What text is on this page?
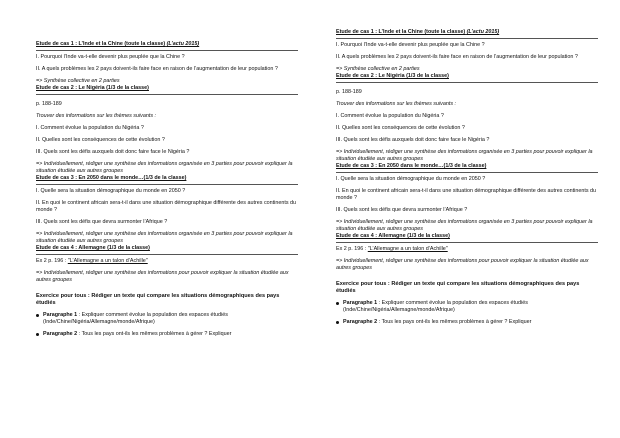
Etude de cas 1 : L’Inde et la Chine (toute la classe) (L’actu 2015)
I. Pourquoi l’Inde va-t-elle devenir plus peuplée que la Chine ?
II. A quels problèmes les 2 pays doivent-ils faire face en raison de l’augmentation de leur population ?
=> Synthèse collective en 2 parties
Etude de cas 2 : Le Nigéria (1/3 de la classe)
p. 188-189
Trouver des informations sur les thèmes suivants :
I. Comment évolue la population du Nigéria ?
II. Quelles sont les conséquences de cette évolution ?
III. Quels sont les défis auxquels doit donc faire face le Nigéria ?
=> Individuellement, rédiger une synthèse des informations organisée en 3 parties pour pouvoir expliquer la situation étudiée aux autres groupes
Etude de cas 3 : En 2050 dans le monde…(1/3 de la classe)
I. Quelle sera la situation démographique du monde en 2050 ?
II. En quoi le continent africain sera-t-il dans une situation démographique différente des autres continents du monde ?
III. Quels sont les défis que devra surmonter l’Afrique ?
=> Individuellement, rédiger une synthèse des informations organisée en 3 parties pour pouvoir expliquer la situation étudiée aux autres groupes
Etude de cas 4 : Allemagne (1/3 de la classe)
Ex 2 p. 196 : "L’Allemagne a un talon d’Achille"
=> Individuellement, rédiger une synthèse des informations pour pouvoir expliquer la situation étudiée aux autres groupes
Exercice pour tous : Rédiger un texte qui compare les situations démographiques des pays étudiés
Paragraphe 1 : Expliquer comment évolue la population des espaces étudiés (Inde/Chine/Nigéria/Allemagne/monde/Afrique)
Paragraphe 2 : Tous les pays ont-ils les mêmes problèmes à gérer ? Expliquer
Etude de cas 1 : L’Inde et la Chine (toute la classe) (L’actu 2015)
I. Pourquoi l’Inde va-t-elle devenir plus peuplée que la Chine ?
II. A quels problèmes les 2 pays doivent-ils faire face en raison de l’augmentation de leur population ?
=> Synthèse collective en 2 parties
Etude de cas 2 : Le Nigéria (1/3 de la classe)
p. 188-189
Trouver des informations sur les thèmes suivants :
I. Comment évolue la population du Nigéria ?
II. Quelles sont les conséquences de cette évolution ?
III. Quels sont les défis auxquels doit donc faire face le Nigéria ?
=> Individuellement, rédiger une synthèse des informations organisée en 3 parties pour pouvoir expliquer la situation étudiée aux autres groupes
Etude de cas 3 : En 2050 dans le monde…(1/3 de la classe)
I. Quelle sera la situation démographique du monde en 2050 ?
II. En quoi le continent africain sera-t-il dans une situation démographique différente des autres continents du monde ?
III. Quels sont les défis que devra surmonter l’Afrique ?
=> Individuellement, rédiger une synthèse des informations organisée en 3 parties pour pouvoir expliquer la situation étudiée aux autres groupes
Etude de cas 4 : Allemagne (1/3 de la classe)
Ex 2 p. 196 : "L’Allemagne a un talon d’Achille"
=> Individuellement, rédiger une synthèse des informations pour pouvoir expliquer la situation étudiée aux autres groupes
Exercice pour tous : Rédiger un texte qui compare les situations démographiques des pays étudiés
Paragraphe 1 : Expliquer comment évolue la population des espaces étudiés (Inde/Chine/Nigéria/Allemagne/monde/Afrique)
Paragraphe 2 : Tous les pays ont-ils les mêmes problèmes à gérer ? Expliquer
